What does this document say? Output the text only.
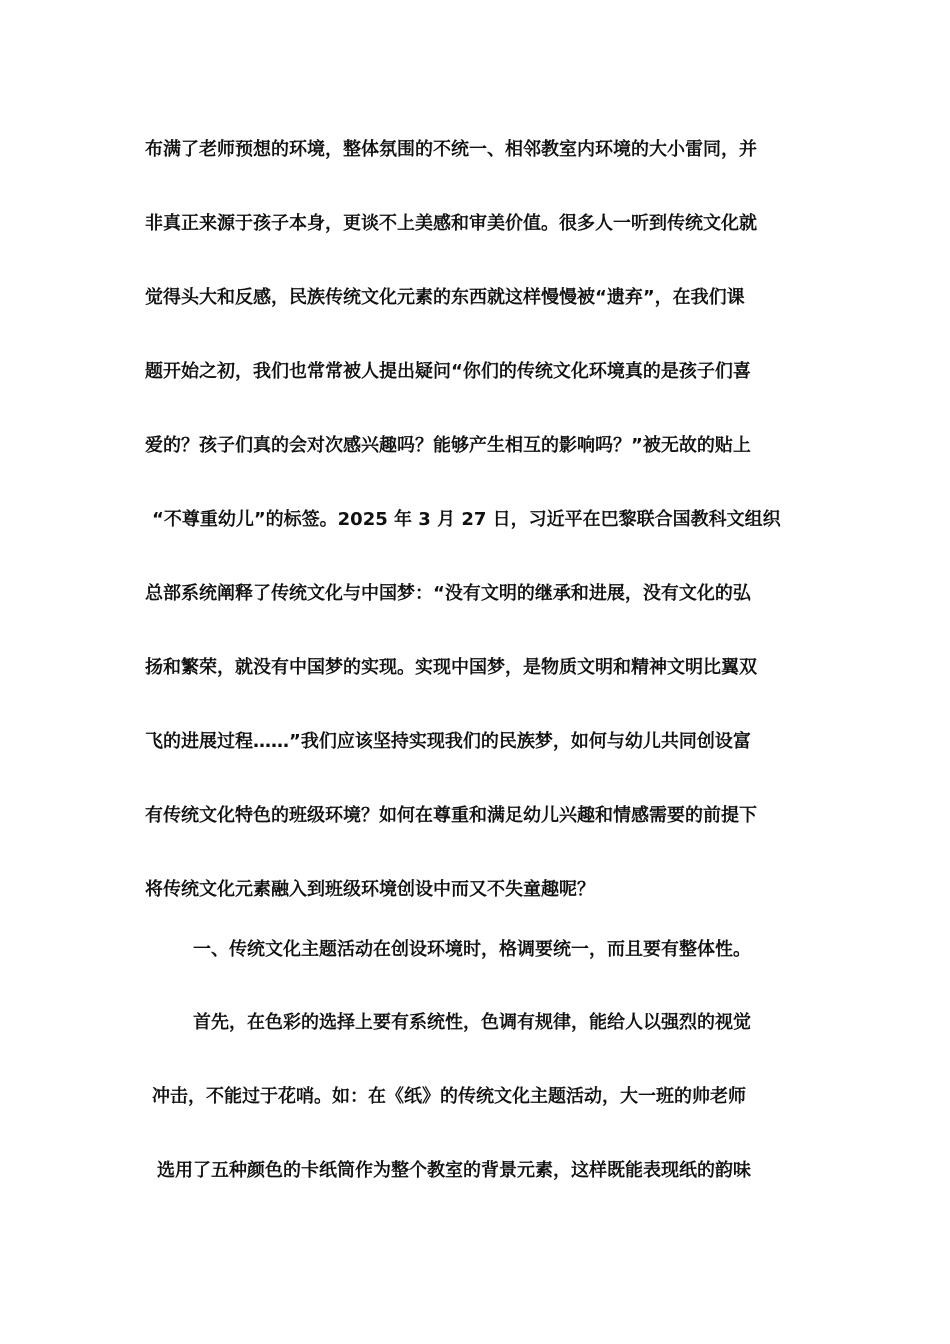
布满了老师预想的环境，整体氛围的不统一、相邻教室内环境的大小雷同，并
非真正来源于孩子本身，更谈不上美感和审美价值。很多人一听到传统文化就
觉得头大和反感，民族传统文化元素的东西就这样慢慢被“遗弃”，在我们课
题开始之初，我们也常常被人提出疑问“你们的传统文化环境真的是孩子们喜
爱的？孩子们真的会对次感兴趣吗？能够产生相互的影响吗？”被无故的贴上
“不尊重幼儿”的标签。2025 年 3 月 27 日，习近平在巴黎联合国教科文组织
总部系统阐释了传统文化与中国梦：“没有文明的继承和进展，没有文化的弘
扬和繁荣，就没有中国梦的实现。实现中国梦，是物质文明和精神文明比翼双
飞的进展过程……”我们应该坚持实现我们的民族梦，如何与幼儿共同创设富
有传统文化特色的班级环境？如何在尊重和满足幼儿兴趣和情感需要的前提下
将传统文化元素融入到班级环境创设中而又不失童趣呢？
一、传统文化主题活动在创设环境时，格调要统一，而且要有整体性。
首先，在色彩的选择上要有系统性，色调有规律，能给人以强烈的视觉
冲击，不能过于花哨。如：在《纸》的传统文化主题活动，大一班的帅老师
选用了五种颜色的卡纸筒作为整个教室的背景元素，这样既能表现纸的韵味
